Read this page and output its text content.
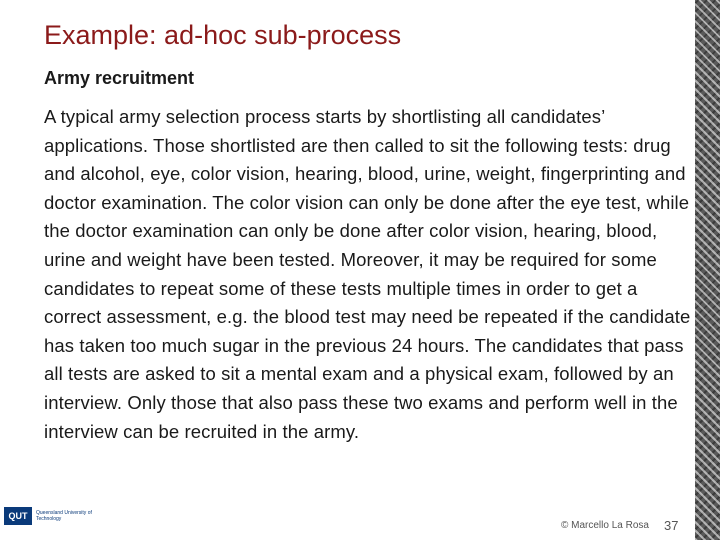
Example: ad-hoc sub-process
Army recruitment

A typical army selection process starts by shortlisting all candidates’ applications. Those shortlisted are then called to sit the following tests: drug and alcohol, eye, color vision, hearing, blood, urine, weight, fingerprinting and doctor examination. The color vision can only be done after the eye test, while the doctor examination can only be done after color vision, hearing, blood, urine and weight have been tested. Moreover, it may be required for some candidates to repeat some of these tests multiple times in order to get a correct assessment, e.g. the blood test may need be repeated if the candidate has taken too much sugar in the previous 24 hours. The candidates that pass all tests are asked to sit a mental exam and a physical exam, followed by an interview. Only those that also pass these two exams and perform well in the interview can be recruited in the army.

QUT	Queensland University of Technology
© Marcello La Rosa 37
